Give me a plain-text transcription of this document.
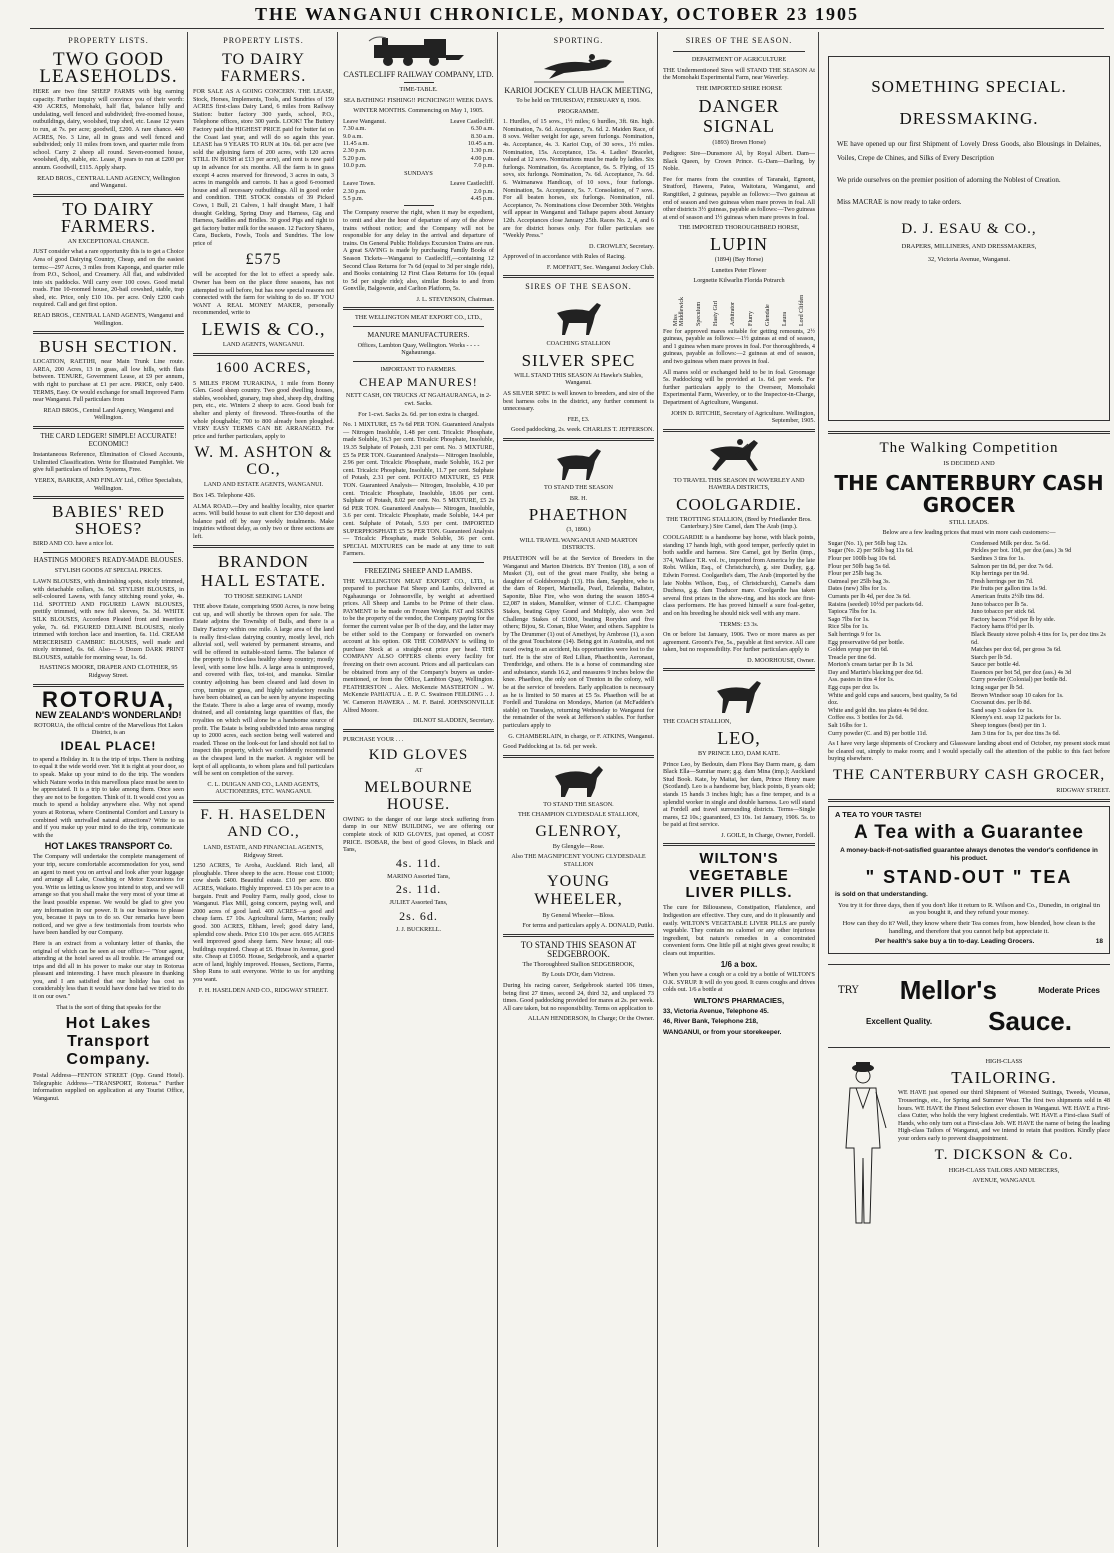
THE WANGANUI CHRONICLE, MONDAY, OCTOBER 23 1905
PROPERTY LISTS.
TWO GOOD LEASEHOLDS.

HERE are two fine SHEEP FARMS with big earning capacity. Further inquiry will convince you of their worth: 430 ACRES, Momohaki, half flat, balance hilly and undulating, well fenced and subdivided; five-roomed house, outbuildings, dairy, woolshed, trap shed, etc. Lease 12 years to run, at 7s. per acre; goodwill, £200. A rare chance. 440 ACRES, No. 3 Line, all in grass and well fenced and subdivided; only 11 miles from town, and quarter mile from school. Carry 2 sheep all round. Seven-roomed house, woolshed, dip, stable, etc. Lease, 8 years to run at £200 per annum. Goodwill, £115. Apply sharp.

READ BROS., CENTRAL LAND AGENCY, Wellington and Wanganui.

TO DAIRY FARMERS.

AN EXCEPTIONAL CHANCE.

JUST consider what a rare opportunity this is to get a Choice Area of good Dairying Country, Cheap, and on the easiest terms:—297 Acres, 3 miles from Kaponga, and quarter mile from P.O., School, and Creamery. All flat, and subdivided into six paddocks. Will carry over 100 cows. Good metal roads. Fine 10-roomed house, 20-bail cowshed, stable, trap shed, etc. Price, only £10 10s. per acre. Only £200 cash required. Call and get first option.

READ BROS., CENTRAL LAND AGENTS, Wanganui and Wellington.

BUSH SECTION.

LOCATION, RAETIHI, near Main Trunk Line route. AREA, 200 Acres, 13 in grass, all low hills, with flats between. TENURE, Government Lease, at £9 per annum, with right to purchase at £1 per acre. PRICE, only £400. TERMS, Easy. Or would exchange for small Improved Farm near Wanganui. Full particulars from

READ BROS., Central Land Agency, Wanganui and Wellington.

THE CARD LEDGER! SIMPLE! ACCURATE! ECONOMIC!

Instantaneous Reference, Elimination of Closed Accounts, Unlimited Classification. Write for Illustrated Pamphlet. We give full particulars of Index Systems, Free.

YEREX, BARKER, AND FINLAY Ltd., Office Specialists, Wellington.

BABIES' RED SHOES?

BIRD AND CO. have a nice lot.

HASTINGS MOORE'S READY-MADE BLOUSES.

STYLISH GOODS AT SPECIAL PRICES.

LAWN BLOUSES, with diminishing spots, nicely trimmed, with detachable collars, 3s. 9d. STYLISH BLOUSES, in self-coloured Lawns, with fancy stitching round yoke, 4s. 11d. SPOTTED AND FIGURED LAWN BLOUSES, prettily trimmed, with new full sleeves, 5s. 3d. WHITE SILK BLOUSES, Accordeon Pleated front and insertion yoke, 7s. 6d. FIGURED DELAINE BLOUSES, nicely trimmed with torchon lace and insertion, 6s. 11d. CREAM MERCERISED CAMBRIC BLOUSES, well made and nicely trimmed, 6s. 6d. Also— 5 Dozen DARK PRINT BLOUSES, suitable for morning wear, 1s. 6d.

HASTINGS MOORE, DRAPER AND CLOTHIER, 95 Ridgway Street.

ROTORUA,
NEW ZEALAND'S WONDERLAND!

ROTORUA, the official centre of the Marvellous Hot Lakes District, is an

IDEAL PLACE!

to spend a Holiday in. It is the trip of trips. There is nothing to equal it the wide world over. Yet it is right at your door, so to speak. Make up your mind to do the trip. The wonders which Nature works in this marvellous place must be seen to be appreciated. It is a trip to take among them. Once seen they are not to be forgotten. Think of it. It would cost you as much to spend a holiday anywhere else. Why not spend yours at Rotorua, where Continental Comfort and Luxury is combined with unrivalled natural attractions? Write to us and if you make up your mind to do the trip, communicate with the

HOT LAKES TRANSPORT Co.

The Company will undertake the complete management of your trip, secure comfortable accommodation for you, send an agent to meet you on arrival and look after your luggage and arrange all Lake, Coaching or Motor Excursions for you. Write us letting us know you intend to stop, and we will arrange so that you shall make the very most of your time at the least possible expense. We would be glad to give you any information in our power. It is our business to please you, because it pays us to do so. Our remarks have been noticed, and we give a few testimonials from tourists who have been handled by our Company.

Here is an extract from a voluntary letter of thanks, the original of which can be seen at our office:— "Your agent, attending at the hotel saved us all trouble. He arranged our trips and did all in his power to make our stay in Rotorua pleasant and interesting. I have much pleasure in thanking you, and I am satisfied that our holiday has cost us considerably less than it would have done had we tried to do it on our own."

That is the sort of thing that speaks for the

Hot Lakes Transport Company.

Postal Address—FENTON STREET (Opp. Grand Hotel). Telegraphic Address—"TRANSPORT, Rotorua." Further information supplied on application at any Tourist Office, Wanganui.

PROPERTY LISTS.
TO DAIRY FARMERS.

FOR SALE AS A GOING CONCERN. THE LEASE, Stock, Horses, Implements, Tools, and Sundries of 159 ACRES first-class Dairy Land, 6 miles from Railway Station: butter factory 300 yards, school, P.O., Telephone offices, store 300 yards. LOOK! The Buttery Factory paid the HIGHEST PRICE paid for butter fat on the Coast last year, and will do so again this year. LEASE has 9 YEARS TO RUN at 10s. 6d. per acre (we sold the adjoining farm of 200 acres, with 120 acres STILL IN BUSH at £13 per acre), and rent is now paid up in advance for six months. All the farm is in grass except 4 acres reserved for firewood, 3 acres in oats, 3 acres in mangolds and carrots. It has a good 6-roomed house and all necessary outbuildings. All in good order and condition. THE STOCK consists of 39 Picked Cows, 1 Bull, 21 Calves, 1 half draught Mare, 1 half draught Gelding, Spring Dray and Harness, Gig and Harness, Saddles and Bridles. 30 good Pigs and right to get factory butter milk for the season. 12 Factory Shares, Cans, Buckets, Fowls, Tools and Sundries. The low price of

£575

will be accepted for the lot to effect a speedy sale. Owner has been on the place three seasons, has not attempted to sell before, but has now special reasons not connected with the farm for wishing to do so. IF YOU WANT A REAL MONEY MAKER, personally recommended, write to

LEWIS & CO.,

LAND AGENTS, WANGANUI.

1600 ACRES,

5 MILES FROM TURAKINA, 1 mile from Bonny Glen. Good sheep country. Two good dwelling houses, stables, woolshed, granary, trap shed, sheep dip, drafting pen, etc., etc. Winters 2 sheep to acre. Good bush for shelter and plenty of firewood. Three-fourths of the whole ploughable; 700 to 800 already been ploughed. VERY EASY TERMS CAN BE ARRANGED. For price and further particulars, apply to

W. M. ASHTON & CO.,

LAND AND ESTATE AGENTS, WANGANUI.

Box 145. Telephone 426.

ALMA ROAD.—Dry and healthy locality, nice quarter acres. Will build house to suit client for £30 deposit and balance paid off by easy weekly instalments. Make inquiries without delay, as only two or three sections are left.

BRANDON HALL ESTATE.

TO THOSE SEEKING LAND!

THE above Estate, comprising 9500 Acres, is now being cut up, and will shortly be thrown open for sale. The Estate adjoins the Township of Bulls, and there is a Dairy Factory within one mile. A large area of the land is really first-class dairying country, mostly level, rich alluvial soil, well watered by permanent streams, and will be offered in suitable-sized farms. The balance of the property is first-class healthy sheep country; mostly level, with some low hills. A large area is unimproved, and covered with flax, toi-toi, and manuka. Similar country adjoining has been cleared and laid down in crop, turnips or grass, and highly satisfactory results have been obtained, as can be seen by anyone inspecting the Estate. There is also a large area of swamp, mostly drained, and all containing large quantities of flax, the royalties on which will alone be a handsome source of profit. The Estate is being subdivided into areas ranging up to 2000 acres, each section being well watered and roaded. Those on the look-out for land should not fail to inspect this property, which we confidently recommend as the cheapest land in the market. A register will be kept of all applicants, to whom plans and full particulars will be sent on completion of the survey.

C. L. DUIGAN AND CO., LAND AGENTS, AUCTIONEERS, ETC. WANGANUI.

F. H. HASELDEN AND CO.,

LAND, ESTATE, AND FINANCIAL AGENTS, Ridgway Street.

1250 ACRES, Te Aroha, Auckland. Rich land, all ploughable. Three sheep to the acre. House cost £1000; cow sheds £400. Beautiful estate. £10 per acre. 800 ACRES, Waikato. Highly improved. £3 10s per acre to a bargain. Fruit and Poultry Farm, really good, close to Wanganui. Flax Mill, going concern, paying well, and 2000 acres of good land. 400 ACRES—a good and cheap farm. £7 10s. Agricultural farm, Marton; really good. 300 ACRES, Eltham, level; good dairy land, splendid cow sheds. Price £10 10s per acre. 695 ACRES well improved good sheep farm. New house; all out-buildings required. Cheap at £6. House in Avenue, good site. Cheap at £1050. House, Sedgebrook, and a quarter acre of land, highly improved. Houses, Sections, Farms, Shop Runs to suit everyone. Write to us for anything you want.

F. H. HASELDEN AND CO., RIDGWAY STREET.

CASTLECLIFF RAILWAY COMPANY, LTD.

TIME-TABLE.

SEA BATHING! FISHING!! PICNICING!!! WEEK DAYS.

WINTER MONTHS. Commencing on May 1, 1905.

Leave Wanganui.	Leave Castlecliff.
7.30 a.m.	6.30 a.m.
9.0 a.m.	8.30 a.m.
11.45 a.m.	10.45 a.m.
2.30 p.m.	1.30 p.m.
5.20 p.m.	4.00 p.m.
10.0 p.m.	7.0 p.m.

SUNDAYS

Leave Town.	Leave Castlecliff.
2.30 p.m.	2.0 p.m.
5.5 p.m.	4.45 p.m.

The Company reserve the right, when it may be expedient, to omit and alter the hour of departure of any of the above trains without notice; and the Company will not be responsible for any delay in the arrival and departure of trains. On General Public Holidays Excursion Trains are run. A great SAVING is made by purchasing Family Books of Season Tickets—Wanganui to Castlecliff,—containing 12 Second Class Returns for 7s 6d (equal to 3d per single ride), and Books containing 12 First Class Returns for 10s (equal to 5d per single ride); also, similar Books to and from Gonville, Balgownie, and Carlton Platform, 5s.

J. L. STEVENSON, Chairman.

THE WELLINGTON MEAT EXPORT CO., LTD.,

MANURE MANUFACTURERS.

Offices, Lambton Quay, Wellington. Works - - - - Ngahauranga.

IMPORTANT TO FARMERS.

CHEAP MANURES!

NETT CASH, ON TRUCKS AT NGAHAURANGA, in 2-cwt. Sacks.

For 1-cwt. Sacks 2s. 6d. per ton extra is charged.

No. 1 MIXTURE, £5 7s 6d PER TON. Guaranteed Analysis— Nitrogen Insoluble, 1.48 per cent. Tricalcic Phosphate, made Soluble, 16.3 per cent. Tricalcic Phosphate, Insoluble, 19.35 Sulphate of Potash, 2.31 per cent. No. 3 MIXTURE, £5 5s PER TON. Guaranteed Analysis— Nitrogen Insoluble, 2.96 per cent. Tricalcic Phosphate, made Soluble, 16.2 per cent. Tricalcic Phosphate, Insoluble, 11.7 per cent. Sulphate of Potash, 2.31 per cent. POTATO MIXTURE, £5 PER TON. Guaranteed Analysis— Nitrogen, Insoluble, 4.10 per cent. Tricalcic Phosphate, Insoluble, 18.06 per cent. Sulphate of Potash, 8.02 per cent. No. 5 MIXTURE, £5 2s 6d PER TON. Guaranteed Analysis— Nitrogen, Insoluble, 3.6 per cent. Tricalcic Phosphate, made Soluble, 14.4 per cent. Sulphate of Potash, 5.93 per cent. IMPORTED SUPERPHOSPHATE £5 5s PER TON. Guaranteed Analysis— Tricalcic Phosphate, made Soluble, 36 per cent. SPECIAL MIXTURES can be made at any time to suit Farmers.

FREEZING SHEEP AND LAMBS.

THE WELLINGTON MEAT EXPORT CO., LTD., is prepared to purchase Fat Sheep and Lambs, delivered at Ngahauranga or Johnsonville, by weight at advertised prices. All Sheep and Lambs to be Prime of their class. PAYMENT to be made on Frozen Weight. FAT and SKINS to be the property of the vendor, the Company paying for the former the current value per lb of the day, and the latter may be either sold to the Company or forwarded on owner's account at his option. OR THE COMPANY is willing to purchase Stock at a straight-out price per head. THE COMPANY ALSO OFFERS clients every facility for freezing on their own account. Prices and all particulars can be obtained from any of the Company's buyers as under-mentioned, or from the Office, Lambton Quay, Wellington. FEATHERSTON .. Alex. McKenzie MASTERTON .. W. McKenzie PAHIATUA .. E. P. C. Swainson FEILDING .. J. W. Cameron HAWERA .. M. F. Baird. JOHNSONVILLE Alfred Moore.

DILNOT SLADDEN, Secretary.

PURCHASE YOUR . . .

KID GLOVES

AT

MELBOURNE HOUSE.

OWING to the danger of our large stock suffering from damp in our NEW BUILDING, we are offering our complete stock of KID GLOVES, just opened, at COST PRICE. ISOBAR, the best of good Gloves, in Black and Tans,

4s. 11d.

MARINO Assorted Tans,

2s. 11d.

JULIET Assorted Tans,

2s. 6d.

J. J. BUCKRELL.

SPORTING.
KARIOI JOCKEY CLUB HACK MEETING,

To be held on THURSDAY, FEBRUARY 8, 1906.

PROGRAMME.

1. Hurdles, of 15 sovs., 1½ miles; 6 hurdles, 3ft. 6in. high. Nomination, 7s. 6d. Acceptance, 7s. 6d. 2. Maiden Race, of 8 sovs. Welter weight for age, seven furlongs. Nomination, 4s. Acceptance, 4s. 3. Karioi Cup, of 30 sovs., 1½ miles. Nomination, 15s. Acceptance, 15s. 4. Ladies' Bracelet, valued at 12 sovs. Nominations must be made by ladies. Six furlongs. Nomination, 6s. Acceptance, 6s. 5. Flying, of 15 sovs, six furlongs. Nomination, 7s. 6d. Acceptance, 7s. 6d. 6. Waimanawa Handicap, of 10 sovs., four furlongs. Nomination, 5s. Acceptance, 5s. 7. Consolation, of 7 sovs. For all beaten horses, six furlongs. Nomination, nil. Acceptance, 7s. Nominations close December 30th. Weights will appear in Wanganui and Taihape papers about January 12th. Acceptances close January 25th. Races No. 2, 4, and 6 are for district horses only. For fuller particulars see "Weekly Press."

D. CROWLEY, Secretary.

Approved of in accordance with Rules of Racing.

F. MOFFATT, Sec. Wanganui Jockey Club.

SIRES OF THE SEASON.

COACHING STALLION

SILVER SPEC

WILL STAND THIS SEASON At Hawke's Stables, Wanganui.

AS SILVER SPEC is well known to breeders, and sire of the best harness cobs in the district, any further comment is unnecessary.

FEE, £3.

Good paddocking, 2s. week. CHARLES T. JEFFERSON.

TO STAND THE SEASON

BR. H.

PHAETHON

(3, 1890.)

WILL TRAVEL WANGANUI AND MARTON DISTRICTS.

PHAETHON will be at the Service of Breeders in the Wanganui and Marton Districts. BY Trenton (18), a son of Musket (3), out of the great mare Frailty, she being a daughter of Goldsborough (13). His dam, Sapphire, who is the dam of Ropert, Marinella, Pearl, Eelendia, Balister, Saponite, Blue Fire, who won during the season 1893-4 £2,087 in stakes, Manuliker, winner of C.J.C. Champagne Stakes, beating Gipsy Grand and Multiply, also won 3rd Challenge Stakes of £1000, beating Rorydon and five others; Bijou, St. Conan, Blue Water, and others. Sapphire is by The Drummer (1) out of Amethyst, by Ambrose (1), a son of the great Touchstone (14). Being got in Australia, and not raced owing to an accident, his opportunities were lost to the turf. He is the sire of Red Lilian, Phaethonitis, Aeronaut, Trentbridge, and others. He is a horse of commanding size and substance, stands 16.2, and measures 9 inches below the knee. Phaethon, the only son of Trenton in the colony, will be at the service of breeders. Early application is necessary as he is limited to 50 mares at £5 5s. Phaethon will be at Fordell and Turakina on Mondays, Marton (at McFadden's stable) on Tuesdays, returning Wednesday to Wanganui for the remainder of the week at Jefferson's stables. For further particulars apply to

G. CHAMBERLAIN, in charge, or F. ATKINS, Wanganui.

Good Paddocking at 1s. 6d. per week.

TO STAND THE SEASON.

THE CHAMPION CLYDESDALE STALLION,

GLENROY,

By Glengyle—Rose.

Also THE MAGNIFICENT YOUNG CLYDESDALE STALLION

YOUNG WHEELER,

By General Wheeler—Bloss.

For terms and particulars apply A. DONALD, Putiki.

TO STAND THIS SEASON AT SEDGEBROOK.

The Thoroughbred Stallion SEDGEBROOK,

By Louis D'Or, dam Victress.

During his racing career, Sedgebrook started 106 times, being first 27 times, second 24, third 32, and unplaced 73 times. Good paddocking provided for mares at 2s. per week. All care taken, but no responsibility. Terms on application to

ALLAN HENDERSON, In Charge; Or the Owner.

SIRES OF THE SEASON.

DEPARTMENT OF AGRICULTURE

THE Undermentioned Sires will STAND THE SEASON At the Momohaki Experimental Farm, near Waverley.

THE IMPORTED SHIRE HORSE

DANGER SIGNAL

(1893) Brown Horse)

Pedigree: Sire—Dunsmore Al, by Royal Albert. Dam—Black Queen, by Crown Prince. G.-Dam—Darling, by Noble.

Fee for mares from the counties of Taranaki, Egmont, Stratford, Hawera, Patea, Waitotara, Wanganui, and Rangitikei, 2 guineas, payable as follows:—Two guineas at end of season and two guineas when mare proves in foal. All other districts 3½ guineas, payable as follows:—Two guineas at end of season and 1½ guineas when mare proves in foal.

THE IMPORTED THOROUGHBRED HORSE,

LUPIN

(1894) (Bay Horse)

Lunettes Peter Flower

Lorgnette Kilwarlin Florida Potrarch

Miss Middlewick Speculum Hasty Girl Arbitrator Flurry Glendale Laura Lord Clifden

Fee for approved mares suitable for getting remounts, 2½ guineas, payable as follows:—1½ guineas at end of season, and 1 guinea when mare proves in foal. For thoroughbreds, 4 guineas, payable as follows:—2 guineas at end of season, and two guineas when mare proves in foal.

All mares sold or exchanged held to be in foal. Groomage 5s. Paddocking will be provided at 1s. 6d. per week. For further particulars apply to the Overseer, Momohaki Experimental Farm, Waverley, or to the Inspector-in-Charge, Department of Agriculture, Wanganui.

JOHN D. RITCHIE, Secretary of Agriculture. Wellington, September, 1905.

TO TRAVEL THIS SEASON IN WAVERLEY AND HAWERA DISTRICTS,

COOLGARDIE.

THE TROTTING STALLION, (Bred by Friedlander Bros. Canterbury.) Sire Camel, dam The Arab (imp.).

COOLGARDIE is a handsome bay horse, with black points, standing 17 hands high, with good temper, perfectly quiet in both saddle and harness. Sire Camel, got by Berlin (imp., 374, Wallace T.R. vol. iv., imported from America by the late Robt. Wilkin, Esq., of Christchurch), g. sire Dudley, g.g. Edwin Forrest. Coolgardie's dam, The Arab (imported by the late Nobbs Wilson, Esq., of Christchurch), Camel's dam Duchess, g.g. dam Traducer mare. Coolgardie has taken several first prizes in the show-ring, and his stock are first-class performers. He has proved himself a sure foal-getter, and on his breeding he should nick well with any mare.

TERMS: £3 3s.

On or before 1st January, 1906. Two or more mares as per agreement. Groom's Fee, 5s., payable at first service. All care taken, but no responsibility. For further particulars apply to

D. MOORHOUSE, Owner.

THE COACH STALLION,

LEO,

BY PRINCE LEO, DAM KATE.

Prince Leo, by Bedouin, dam Flora Bay Darm mare, g. dam Black Ella—Sumitar mare; g.g. dam Mina (imp.); Auckland Stud Book. Kate, by Maitai, her dam, Prince Henry mare (Scotland). Leo is a handsome bay, black points, 8 years old; stands 15 hands 3 inches high; has a fine temper, and is a splendid worker in single and double harness. Leo will stand at Fordell and travel surrounding districts. Terms—Single mares, £2 10s.; guaranteed, £3 10s. 1st January, 1906. 5s. to be paid at first service.

J. GOILE, In Charge, Owner, Fordell.

WILTON'S VEGETABLE LIVER PILLS.

The cure for Biliousness, Constipation, Flatulence, and Indigestion are effective. They cure, and do it pleasantly and easily. WILTON'S VEGETABLE LIVER PILLS are purely vegetable. They contain no calomel or any other injurious ingredient, but nature's remedies in a concentrated convenient form. One little pill at night gives great results; it clears out impurities.

1/6 a box.

When you have a cough or a cold try a bottle of WILTON'S O.K. SYRUP. It will do you good. It cures coughs and drives colds out. 1/6 a bottle at

WILTON'S PHARMACIES,

33, Victoria Avenue, Telephone 45.

46, River Bank, Telephone 218,

WANGANUI, or from your storekeeper.

SOMETHING SPECIAL.
DRESSMAKING.

WE have opened up our first Shipment of Lovely Dress Goods, also Blousings in Delaines, Voiles, Crepe de Chines, and Silks of Every Description

We pride ourselves on the premier position of adorning the Noblest of Creation.

Miss MACRAE is now ready to take orders.

D. J. ESAU & CO.,

DRAPERS, MILLINERS, AND DRESSMAKERS,

32, Victoria Avenue, Wanganui.

The Walking Competition

IS DECIDED AND

THE CANTERBURY CASH GROCER

STILL LEADS.

Below are a few leading prices that must win more cash customers:—

Sugar (No. 1), per 56lb bag 12s.

Sugar (No. 2) per 56lb bag 11s 6d.

Flour per 100lb bag 10s 6d.

Flour per 50lb bag 5s 6d.

Flour per 25lb bag 3s.

Oatmeal per 25lb bag 3s.

Dates (new) 3lbs for 1s.

Currants per lb 4d, per doz 3s 6d.

Raisins (seeded) 10½d per packets 6d.

Tapioca 7lbs for 1s.

Sago 7lbs for 1s.

Rice 5lbs for 1s.

Salt herrings 9 for 1s.

Egg preservative 6d per bottle.

Golden syrup per tin 6d.

Treacle per tine 6d.

Morton's cream tartar per lb 1s 3d.

Day and Martin's blacking per doz 6d.

Ass. pastes in tins 4 for 1s.

Egg cups per doz 1s.

White and gold cups and saucers, best quality, 5s 6d doz.

White and gold din. tea plates 4s 9d doz.

Coffee ess. 3 bottles for 2s 6d.

Salt 16lbs for 1.

Curry powder (C. and B) per bottle 11d.

Condensed Milk per doz. 5s 6d.

Pickles per bot. 10d, per doz (ass.) 3s 9d

Sardines 3 tins for 1s.

Salmon per tin 8d, per doz 7s 6d.

Kip herrings per tin 9d.

Fresh herrings per tin 7d.

Pie fruits per gallon tins 1s 9d.

American fruits 2½lb tins 8d.

Juno tobacco per lb 5s.

Juno tobacco per stick 6d.

Factory bacon 7½d per lb by side.

Factory hams 8½d per lb.

Black Beauty stove polish 4 tins for 1s, per doz tins 2s 6d.

Matches per doz 6d, per gross 3s 6d.

Starch per lb 5d.

Sauce per bottle 4d.

Essences per bot 5d, per doz (ass.) 4s 3d

Curry powder (Colonial) per bottle 8d.

Icing sugar per lb 5d.

Brown Windsor soap 10 cakes for 1s.

Cocoanut des. per lb 8d.

Sand soap 3 cakes for 1s.

Kleeny's ext. soap 12 packets for 1s.

Sheep tongues (best) per tin 1.

Jam 3 tins for 1s, per doz tins 3s 6d.

As I have very large shipments of Crockery and Glassware landing about end of October, my present stock must be cleared out, simply to make room; and I would specially call the attention of the public to this fact before buying elsewhere.

THE CANTERBURY CASH GROCER,

RIDGWAY STREET.

A TEA TO YOUR TASTE!

A Tea with a Guarantee

A money-back-if-not-satisfied guarantee always denotes the vendor's confidence in his product.

" STAND-OUT " TEA

is sold on that understanding.

You try it for three days, then if you don't like it return to R. Wilson and Co., Dunedin, in original tin as you bought it, and they refund your money.

How can they do it? Well, they know where their Tea comes from, how blended, how clean is the handling, and therefore that you cannot help but appreciate it.

Per health's sake buy a tin to-day. Leading Grocers.	18

TRY Mellor's	Moderate Prices
Excellent Quality. Sauce.

HIGH-CLASS

TAILORING.

WE HAVE just opened our third Shipment of Worsted Suitings, Tweeds, Vicunas, Trouserings, etc., for Spring and Summer Wear. The first two shipments sold in 48 hours. WE HAVE the Finest Selection ever chosen in Wanganui. WE HAVE a First-class Cutter, who holds the very highest credentials. WE HAVE a First-class Staff of Hands, who only turn out a First-class Job. WE HAVE the name of being the leading High-class Tailors of Wanganui, and we intend to retain that position. Kindly place your orders early to prevent disappointment.

T. DICKSON & Co.

HIGH-CLASS TAILORS AND MERCERS,

AVENUE, WANGANUI.
